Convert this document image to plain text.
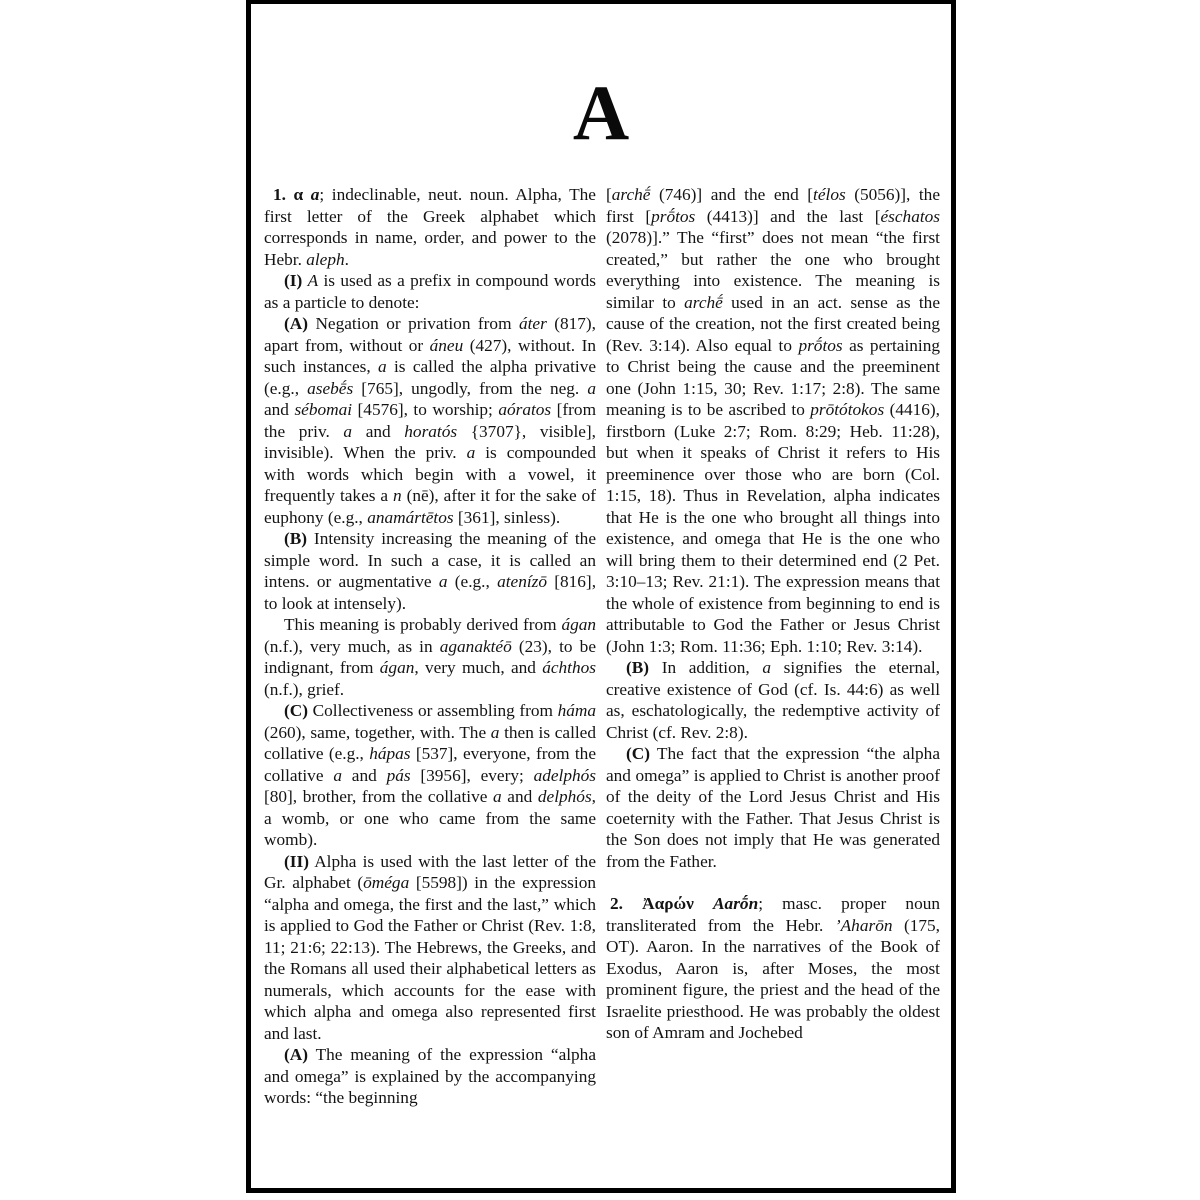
A

1. α a; indeclinable, neut. noun. Alpha, The first letter of the Greek alphabet which corresponds in name, order, and power to the Hebr. aleph.

(I) A is used as a prefix in compound words as a particle to denote:

(A) Negation or privation from áter (817), apart from, without or áneu (427), without. In such instances, a is called the alpha privative (e.g., asebḗs [765], ungodly, from the neg. a and sébomai [4576], to worship; aóratos [from the priv. a and horatós {3707}, visible], invisible). When the priv. a is compounded with words which begin with a vowel, it frequently takes a n (nē), after it for the sake of euphony (e.g., anamártētos [361], sinless).

(B) Intensity increasing the meaning of the simple word. In such a case, it is called an intens. or augmentative a (e.g., atenízō [816], to look at intensely).

This meaning is probably derived from ágan (n.f.), very much, as in aganaktéō (23), to be indignant, from ágan, very much, and áchthos (n.f.), grief.

(C) Collectiveness or assembling from háma (260), same, together, with. The a then is called collative (e.g., hápas [537], everyone, from the collative a and pás [3956], every; adelphós [80], brother, from the collative a and delphós, a womb, or one who came from the same womb).

(II) Alpha is used with the last letter of the Gr. alphabet (ōméga [5598]) in the expression “alpha and omega, the first and the last,” which is applied to God the Father or Christ (Rev. 1:8, 11; 21:6; 22:13). The Hebrews, the Greeks, and the Romans all used their alphabetical letters as numerals, which accounts for the ease with which alpha and omega also represented first and last.

(A) The meaning of the expression “alpha and omega” is explained by the accompanying words: “the beginning

[archḗ (746)] and the end [télos (5056)], the first [prṓtos (4413)] and the last [éschatos (2078)].” The “first” does not mean “the first created,” but rather the one who brought everything into existence. The meaning is similar to archḗ used in an act. sense as the cause of the creation, not the first created being (Rev. 3:14). Also equal to prṓtos as pertaining to Christ being the cause and the preeminent one (John 1:15, 30; Rev. 1:17; 2:8). The same meaning is to be ascribed to prōtótokos (4416), firstborn (Luke 2:7; Rom. 8:29; Heb. 11:28), but when it speaks of Christ it refers to His preeminence over those who are born (Col. 1:15, 18). Thus in Revelation, alpha indicates that He is the one who brought all things into existence, and omega that He is the one who will bring them to their determined end (2 Pet. 3:10–13; Rev. 21:1). The expression means that the whole of existence from beginning to end is attributable to God the Father or Jesus Christ (John 1:3; Rom. 11:36; Eph. 1:10; Rev. 3:14).

(B) In addition, a signifies the eternal, creative existence of God (cf. Is. 44:6) as well as, eschatologically, the redemptive activity of Christ (cf. Rev. 2:8).

(C) The fact that the expression “the alpha and omega” is applied to Christ is another proof of the deity of the Lord Jesus Christ and His coeternity with the Father. That Jesus Christ is the Son does not imply that He was generated from the Father.

2. Ἀαρών Aarṓn; masc. proper noun transliterated from the Hebr. ’Aharōn (175, OT). Aaron. In the narratives of the Book of Exodus, Aaron is, after Moses, the most prominent figure, the priest and the head of the Israelite priesthood. He was probably the oldest son of Amram and Jochebed
